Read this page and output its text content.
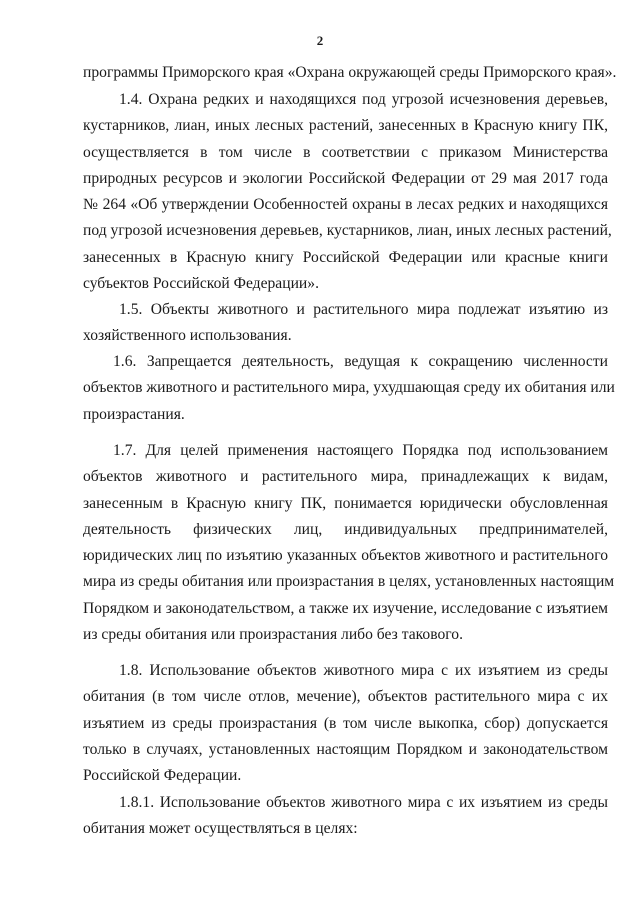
2

программы Приморского края «Охрана окружающей среды Приморского края».

1.4. Охрана редких и находящихся под угрозой исчезновения деревьев,
кустарников, лиан, иных лесных растений, занесенных в Красную книгу ПК,
осуществляется в том числе в соответствии с приказом Министерства
природных ресурсов и экологии Российской Федерации от 29 мая 2017 года
№ 264 «Об утверждении Особенностей охраны в лесах редких и находящихся
под угрозой исчезновения деревьев, кустарников, лиан, иных лесных растений,
занесенных в Красную книгу Российской Федерации или красные книги
субъектов Российской Федерации».

1.5. Объекты животного и растительного мира подлежат изъятию из
хозяйственного использования.

1.6. Запрещается деятельность, ведущая к сокращению численности
объектов животного и растительного мира, ухудшающая среду их обитания или
произрастания.

1.7. Для целей применения настоящего Порядка под использованием
объектов животного и растительного мира, принадлежащих к видам,
занесенным в Красную книгу ПК, понимается юридически обусловленная
деятельность физических лиц, индивидуальных предпринимателей,
юридических лиц по изъятию указанных объектов животного и растительного
мира из среды обитания или произрастания в целях, установленных настоящим
Порядком и законодательством, а также их изучение, исследование с изъятием
из среды обитания или произрастания либо без такового.

1.8. Использование объектов животного мира с их изъятием из среды
обитания (в том числе отлов, мечение), объектов растительного мира с их
изъятием из среды произрастания (в том числе выкопка, сбор) допускается
только в случаях, установленных настоящим Порядком и законодательством
Российской Федерации.

1.8.1. Использование объектов животного мира с их изъятием из среды
обитания может осуществляться в целях:
